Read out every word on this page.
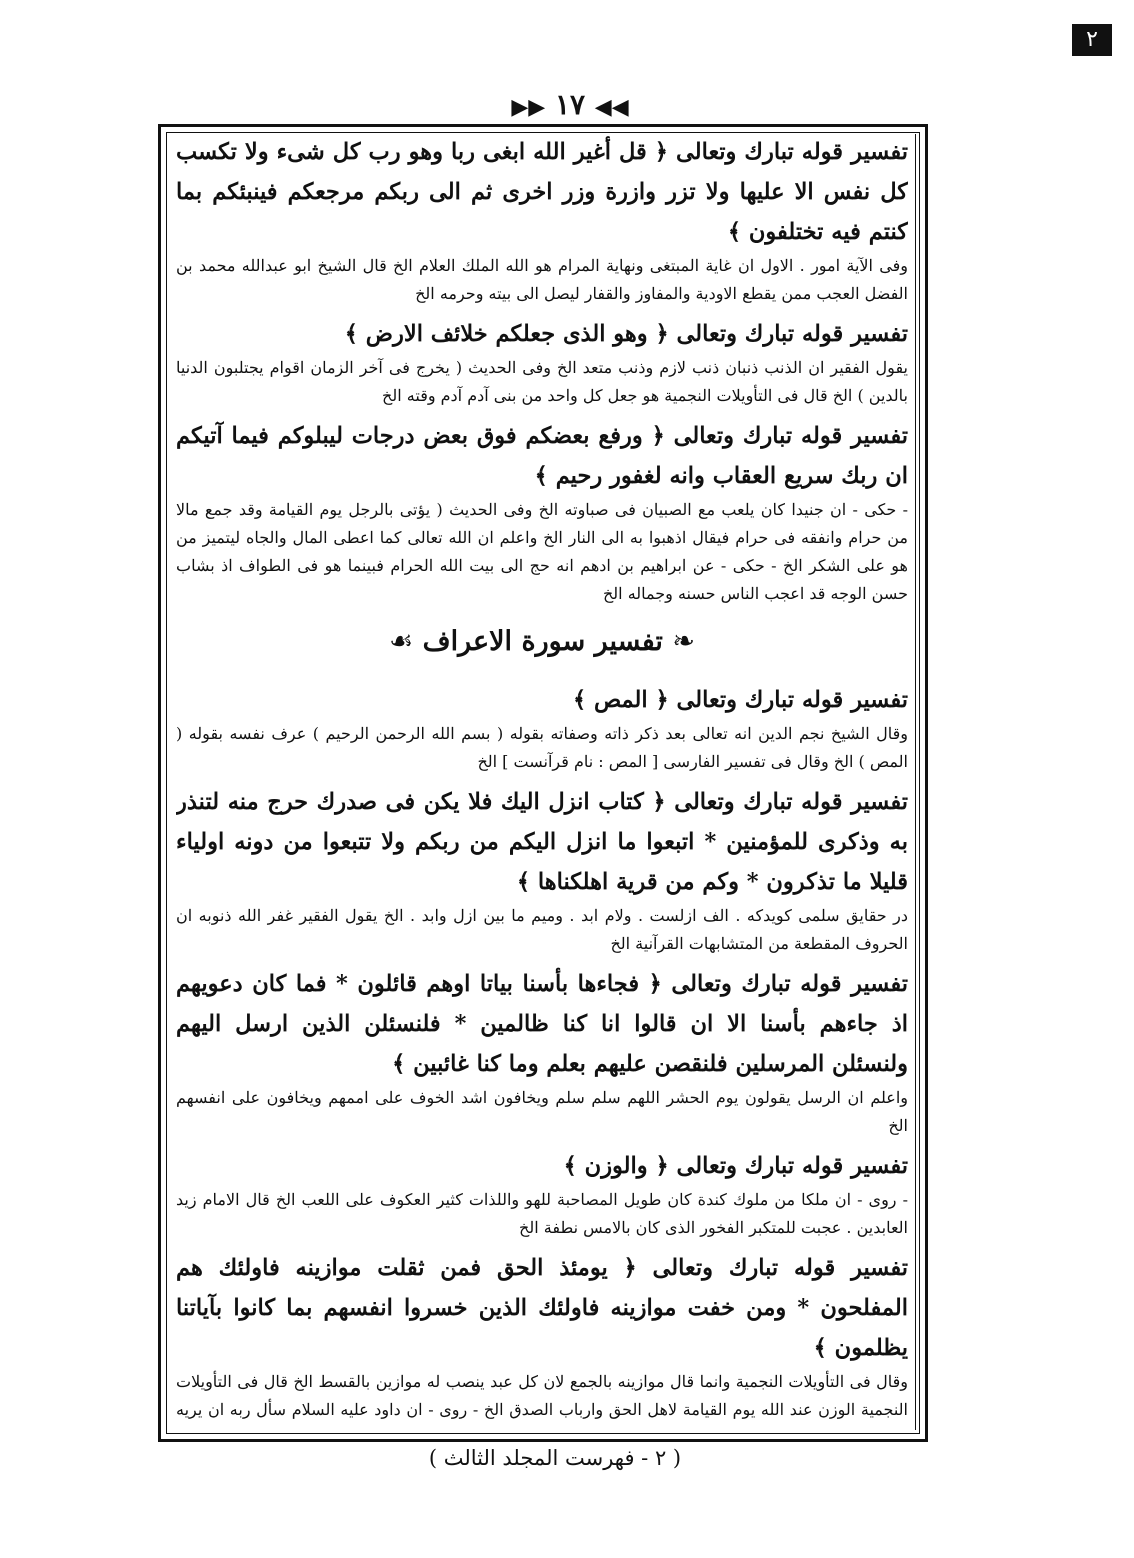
٢
◀◀ ١٧ ▶▶

تفسير قوله تبارك وتعالى ﴿ قل أغير الله ابغى ربا وهو رب كل شىء ولا تكسب كل نفس الا عليها ولا تزر وازرة وزر اخرى ثم الى ربكم مرجعكم فينبئكم بما كنتم فيه تختلفون ﴾

وفى الآية امور . الاول ان غاية المبتغى ونهاية المرام هو الله الملك العلام الخ قال الشيخ ابو عبدالله محمد بن الفضل العجب ممن يقطع الاودية والمفاوز والقفار ليصل الى بيته وحرمه الخ

تفسير قوله تبارك وتعالى ﴿ وهو الذى جعلكم خلائف الارض ﴾

يقول الفقير ان الذنب ذنبان ذنب لازم وذنب متعد الخ وفى الحديث ( يخرج فى آخر الزمان اقوام يجتلبون الدنيا بالدين ) الخ قال فى التأويلات النجمية هو جعل كل واحد من بنى آدم آدم وقته الخ

تفسير قوله تبارك وتعالى ﴿ ورفع بعضكم فوق بعض درجات ليبلوكم فيما آتيكم ان ربك سريع العقاب وانه لغفور رحيم ﴾

- حكى - ان جنيدا كان يلعب مع الصبيان فى صباوته الخ وفى الحديث ( يؤتى بالرجل يوم القيامة وقد جمع مالا من حرام وانفقه فى حرام فيقال اذهبوا به الى النار الخ واعلم ان الله تعالى كما اعطى المال والجاه ليتميز من هو على الشكر الخ - حكى - عن ابراهيم بن ادهم انه حج الى بيت الله الحرام فبينما هو فى الطواف اذ بشاب حسن الوجه قد اعجب الناس حسنه وجماله الخ

❧ تفسير سورة الاعراف ☙

تفسير قوله تبارك وتعالى ﴿ المص ﴾

وقال الشيخ نجم الدين انه تعالى بعد ذكر ذاته وصفاته بقوله ( بسم الله الرحمن الرحيم ) عرف نفسه بقوله ( المص ) الخ وقال فى تفسير الفارسى [ المص : نام قرآنست ] الخ

تفسير قوله تبارك وتعالى ﴿ كتاب انزل اليك فلا يكن فى صدرك حرج منه لتنذر به وذكرى للمؤمنين * اتبعوا ما انزل اليكم من ربكم ولا تتبعوا من دونه اولياء قليلا ما تذكرون * وكم من قرية اهلكناها ﴾

در حقايق سلمى كويدكه . الف ازلست . ولام ابد . وميم ما بين ازل وابد . الخ يقول الفقير غفر الله ذنوبه ان الحروف المقطعة من المتشابهات القرآنية الخ

تفسير قوله تبارك وتعالى ﴿ فجاءها بأسنا بياتا اوهم قائلون * فما كان دعويهم اذ جاءهم بأسنا الا ان قالوا انا كنا ظالمين * فلنسئلن الذين ارسل اليهم ولنسئلن المرسلين فلنقصن عليهم بعلم وما كنا غائبين ﴾

واعلم ان الرسل يقولون يوم الحشر اللهم سلم سلم ويخافون اشد الخوف على اممهم ويخافون على انفسهم الخ

تفسير قوله تبارك وتعالى ﴿ والوزن ﴾

- روى - ان ملكا من ملوك كندة كان طويل المصاحبة للهو واللذات كثير العكوف على اللعب الخ قال الامام زيد العابدين . عجبت للمتكبر الفخور الذى كان بالامس نطفة الخ

تفسير قوله تبارك وتعالى ﴿ يومئذ الحق فمن ثقلت موازينه فاولئك هم المفلحون * ومن خفت موازينه فاولئك الذين خسروا انفسهم بما كانوا بآياتنا يظلمون ﴾

وقال فى التأويلات النجمية وانما قال موازينه بالجمع لان كل عبد ينصب له موازين بالقسط الخ قال فى التأويلات النجمية الوزن عند الله يوم القيامة لاهل الحق وارباب الصدق الخ - روى - ان داود عليه السلام سأل ربه ان يريه

( ٢ - فهرست المجلد الثالث )
